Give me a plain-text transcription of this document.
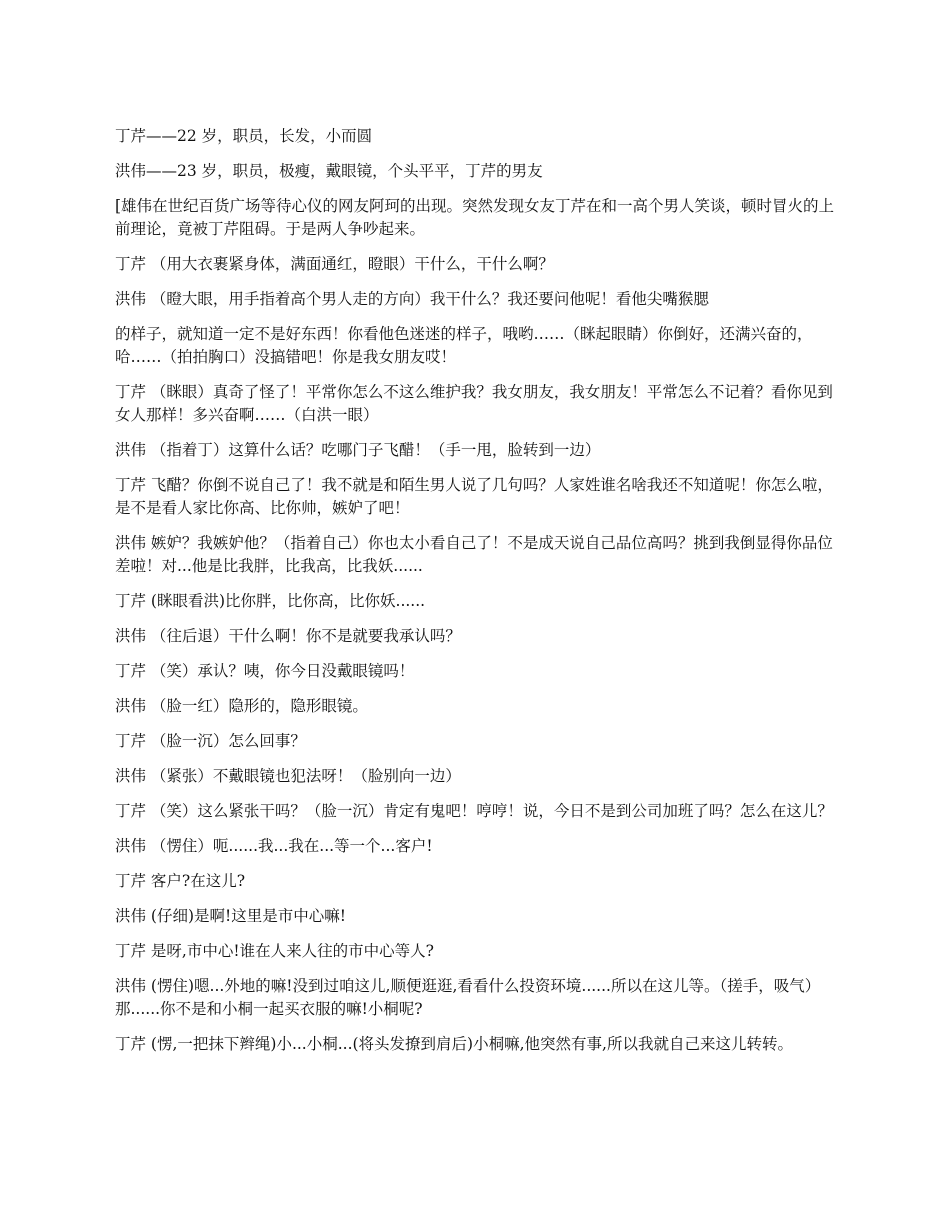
丁芹——22 岁，职员，长发，小而圆

洪伟——23 岁，职员，极瘦，戴眼镜，个头平平，丁芹的男友

[雄伟在世纪百货广场等待心仪的网友阿珂的出现。突然发现女友丁芹在和一高个男人笑谈，顿时冒火的上前理论，竟被丁芹阻碍。于是两人争吵起来。

丁芹 （用大衣裹紧身体，满面通红，瞪眼）干什么，干什么啊？

洪伟 （瞪大眼，用手指着高个男人走的方向）我干什么？我还要问他呢！看他尖嘴猴腮

的样子，就知道一定不是好东西！你看他色迷迷的样子，哦哟……（眯起眼睛）你倒好，还满兴奋的，哈……（拍拍胸口）没搞错吧！你是我女朋友哎！

丁芹 （眯眼）真奇了怪了！平常你怎么不这么维护我？我女朋友，我女朋友！平常怎么不记着？看你见到女人那样！多兴奋啊……（白洪一眼）

洪伟 （指着丁）这算什么话？吃哪门子飞醋！（手一甩，脸转到一边）

丁芹 飞醋？你倒不说自己了！我不就是和陌生男人说了几句吗？人家姓谁名啥我还不知道呢！你怎么啦，是不是看人家比你高、比你帅，嫉妒了吧！

洪伟 嫉妒？我嫉妒他？（指着自己）你也太小看自己了！不是成天说自己品位高吗？挑到我倒显得你品位差啦！对...他是比我胖，比我高，比我妖......

丁芹 (眯眼看洪)比你胖，比你高，比你妖......

洪伟 （往后退）干什么啊！你不是就要我承认吗？

丁芹 （笑）承认？咦，你今日没戴眼镜吗！

洪伟 （脸一红）隐形的，隐形眼镜。

丁芹 （脸一沉）怎么回事？

洪伟 （紧张）不戴眼镜也犯法呀！（脸别向一边）

丁芹 （笑）这么紧张干吗？（脸一沉）肯定有鬼吧！哼哼！说，今日不是到公司加班了吗？怎么在这儿？

洪伟 （愣住）呃......我...我在...等一个...客户!

丁芹 客户?在这儿?

洪伟 (仔细)是啊!这里是市中心嘛!

丁芹 是呀,市中心!谁在人来人往的市中心等人?

洪伟 (愣住)嗯...外地的嘛!没到过咱这儿,顺便逛逛,看看什么投资环境......所以在这儿等。（搓手，吸气）那......你不是和小桐一起买衣服的嘛!小桐呢?

丁芹 (愣,一把抹下辫绳)小...小桐...(将头发撩到肩后)小桐嘛,他突然有事,所以我就自己来这儿转转。
